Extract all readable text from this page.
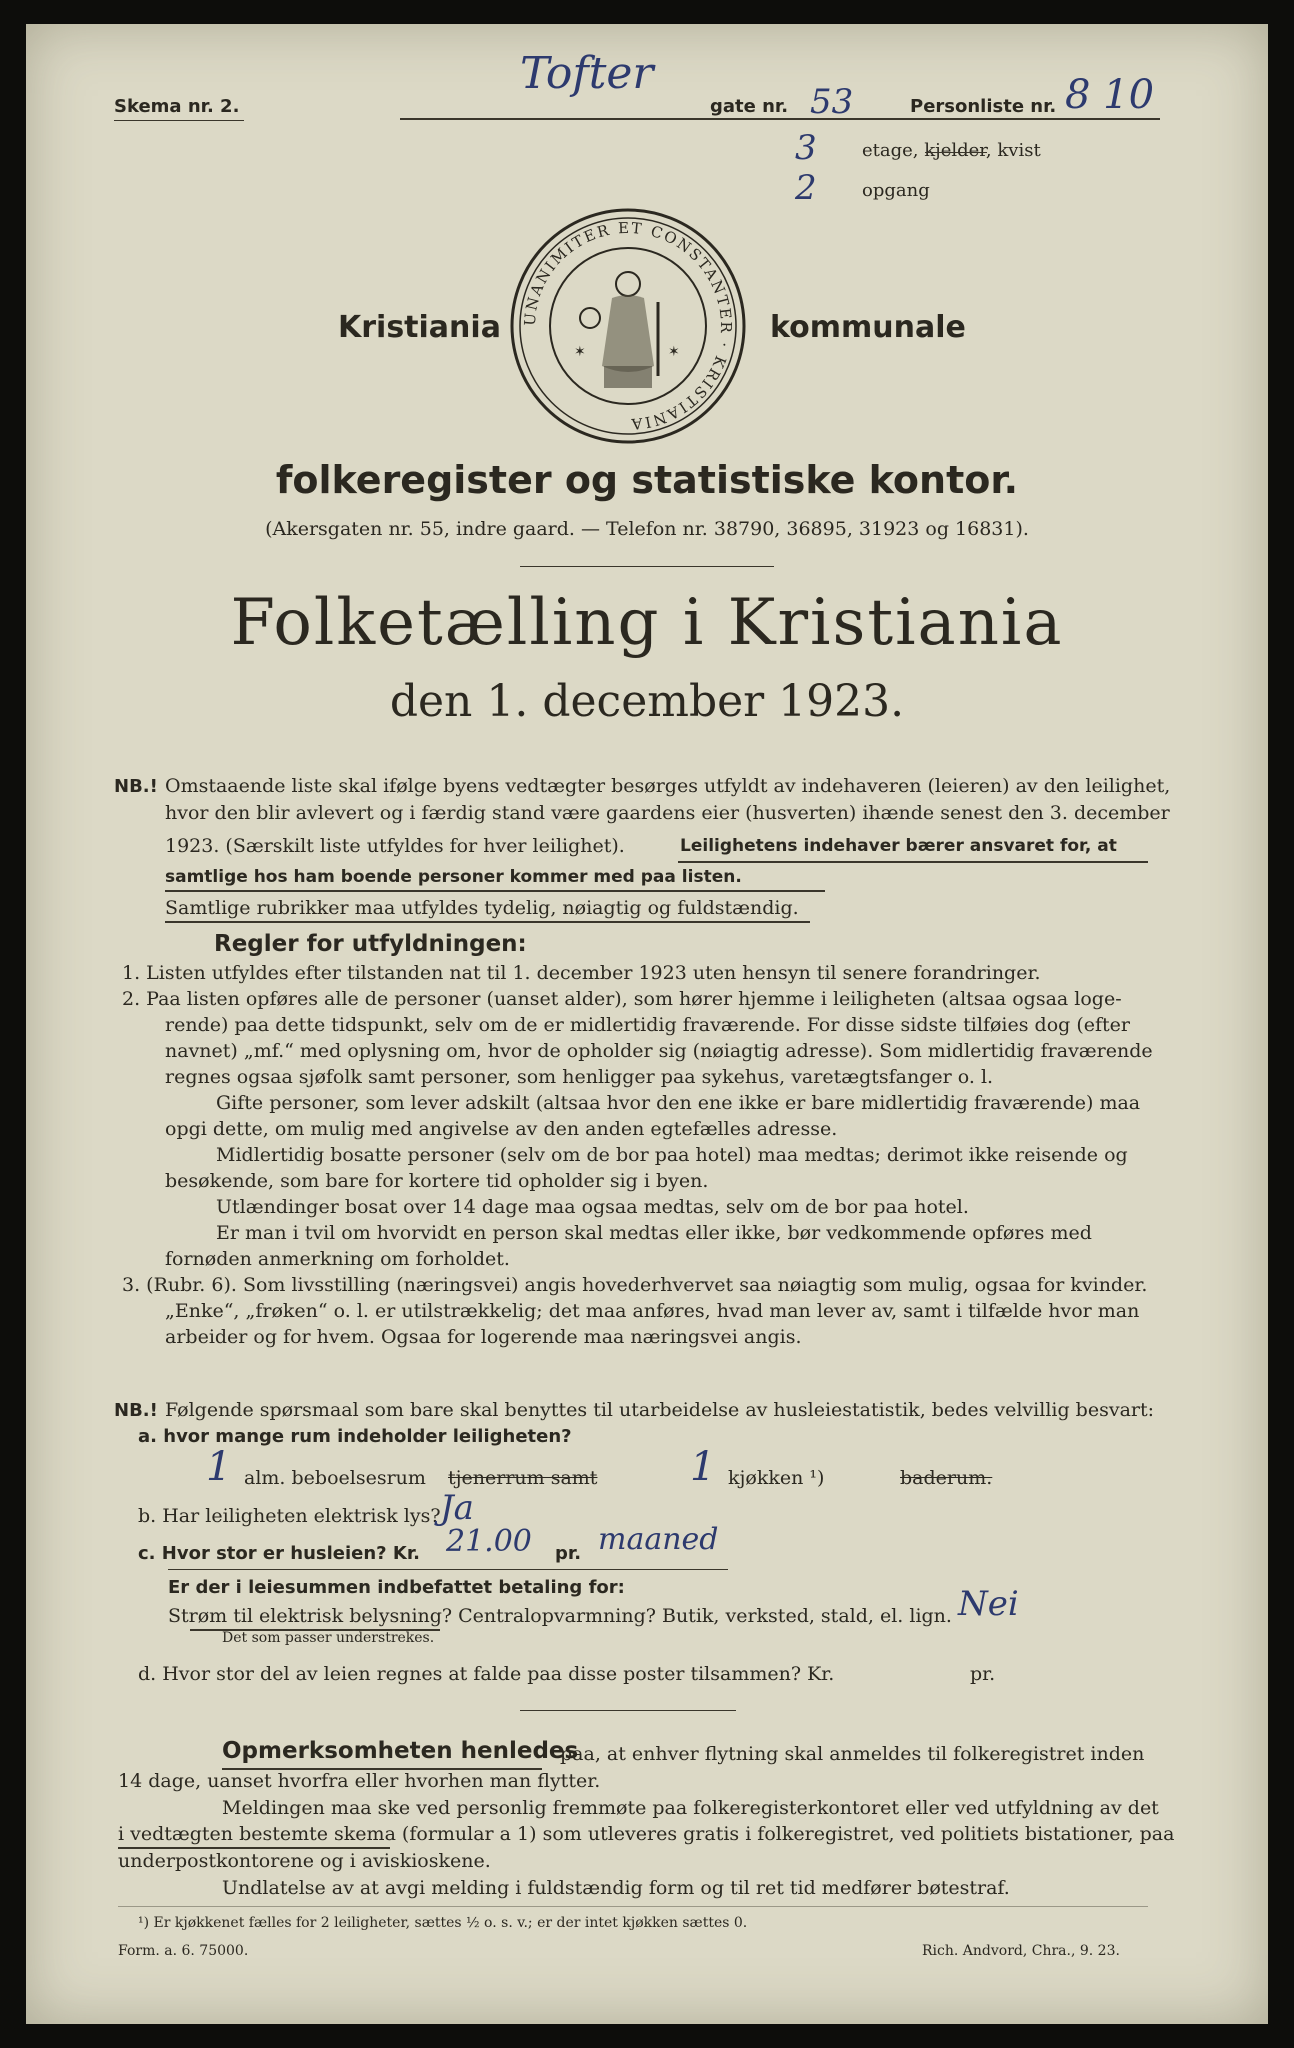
Skema nr. 2.
Tofter
gate nr. 53	Personliste nr. 8 10
3	etage, kjelder, kvist
2	opgang
Kristiania	kommunale
UNANIMITER ET CONSTANTER · KRISTIANIA
✶	✶
folkeregister og statistiske kontor.
(Akersgaten nr. 55, indre gaard. — Telefon nr. 38790, 36895, 31923 og 16831).
Folketælling i Kristiania
den 1. december 1923.
NB.! Omstaaende liste skal ifølge byens vedtægter besørges utfyldt av indehaveren (leieren) av den leilighet,
hvor den blir avlevert og i færdig stand være gaardens eier (husverten) ihænde senest den 3. december
1923. (Særskilt liste utfyldes for hver leilighet).	Leilighetens indehaver bærer ansvaret for, at
samtlige hos ham boende personer kommer med paa listen.
Samtlige rubrikker maa utfyldes tydelig, nøiagtig og fuldstændig.
Regler for utfyldningen:
1. Listen utfyldes efter tilstanden nat til 1. december 1923 uten hensyn til senere forandringer.
2. Paa listen opføres alle de personer (uanset alder), som hører hjemme i leiligheten (altsaa ogsaa loge-
rende) paa dette tidspunkt, selv om de er midlertidig fraværende. For disse sidste tilføies dog (efter
navnet) „mf.“ med oplysning om, hvor de opholder sig (nøiagtig adresse). Som midlertidig fraværende
regnes ogsaa sjøfolk samt personer, som henligger paa sykehus, varetægtsfanger o. l.
Gifte personer, som lever adskilt (altsaa hvor den ene ikke er bare midlertidig fraværende) maa
opgi dette, om mulig med angivelse av den anden egtefælles adresse.
Midlertidig bosatte personer (selv om de bor paa hotel) maa medtas; derimot ikke reisende og
besøkende, som bare for kortere tid opholder sig i byen.
Utlændinger bosat over 14 dage maa ogsaa medtas, selv om de bor paa hotel.
Er man i tvil om hvorvidt en person skal medtas eller ikke, bør vedkommende opføres med
fornøden anmerkning om forholdet.
3. (Rubr. 6). Som livsstilling (næringsvei) angis hovederhvervet saa nøiagtig som mulig, ogsaa for kvinder.
„Enke“, „frøken“ o. l. er utilstrækkelig; det maa anføres, hvad man lever av, samt i tilfælde hvor man
arbeider og for hvem. Ogsaa for logerende maa næringsvei angis.
NB.! Følgende spørsmaal som bare skal benyttes til utarbeidelse av husleiestatistik, bedes velvillig besvart:
a. hvor mange rum indeholder leiligheten?
1 alm. beboelsesrum tjenerrum samt 1 kjøkken ¹)	baderum.
b. Har leiligheten elektrisk lys? Ja
c. Hvor stor er husleien? Kr. 21.00 pr. maaned
Er der i leiesummen indbefattet betaling for:
Strøm til elektrisk belysning? Centralopvarmning? Butik, verksted, stald, el. lign. Nei
Det som passer understrekes.
d. Hvor stor del av leien regnes at falde paa disse poster tilsammen? Kr.	pr.
Opmerksomheten henledes
paa, at enhver flytning skal anmeldes til folkeregistret inden
14 dage, uanset hvorfra eller hvorhen man flytter.
Meldingen maa ske ved personlig fremmøte paa folkeregisterkontoret eller ved utfyldning av det
i vedtægten bestemte skema (formular a 1) som utleveres gratis i folkeregistret, ved politiets bistationer, paa
underpostkontorene og i aviskioskene.
Undlatelse av at avgi melding i fuldstændig form og til ret tid medfører bøtestraf.
¹) Er kjøkkenet fælles for 2 leiligheter, sættes ½ o. s. v.; er der intet kjøkken sættes 0.
Form. a. 6. 75000.	Rich. Andvord, Chra., 9. 23.
